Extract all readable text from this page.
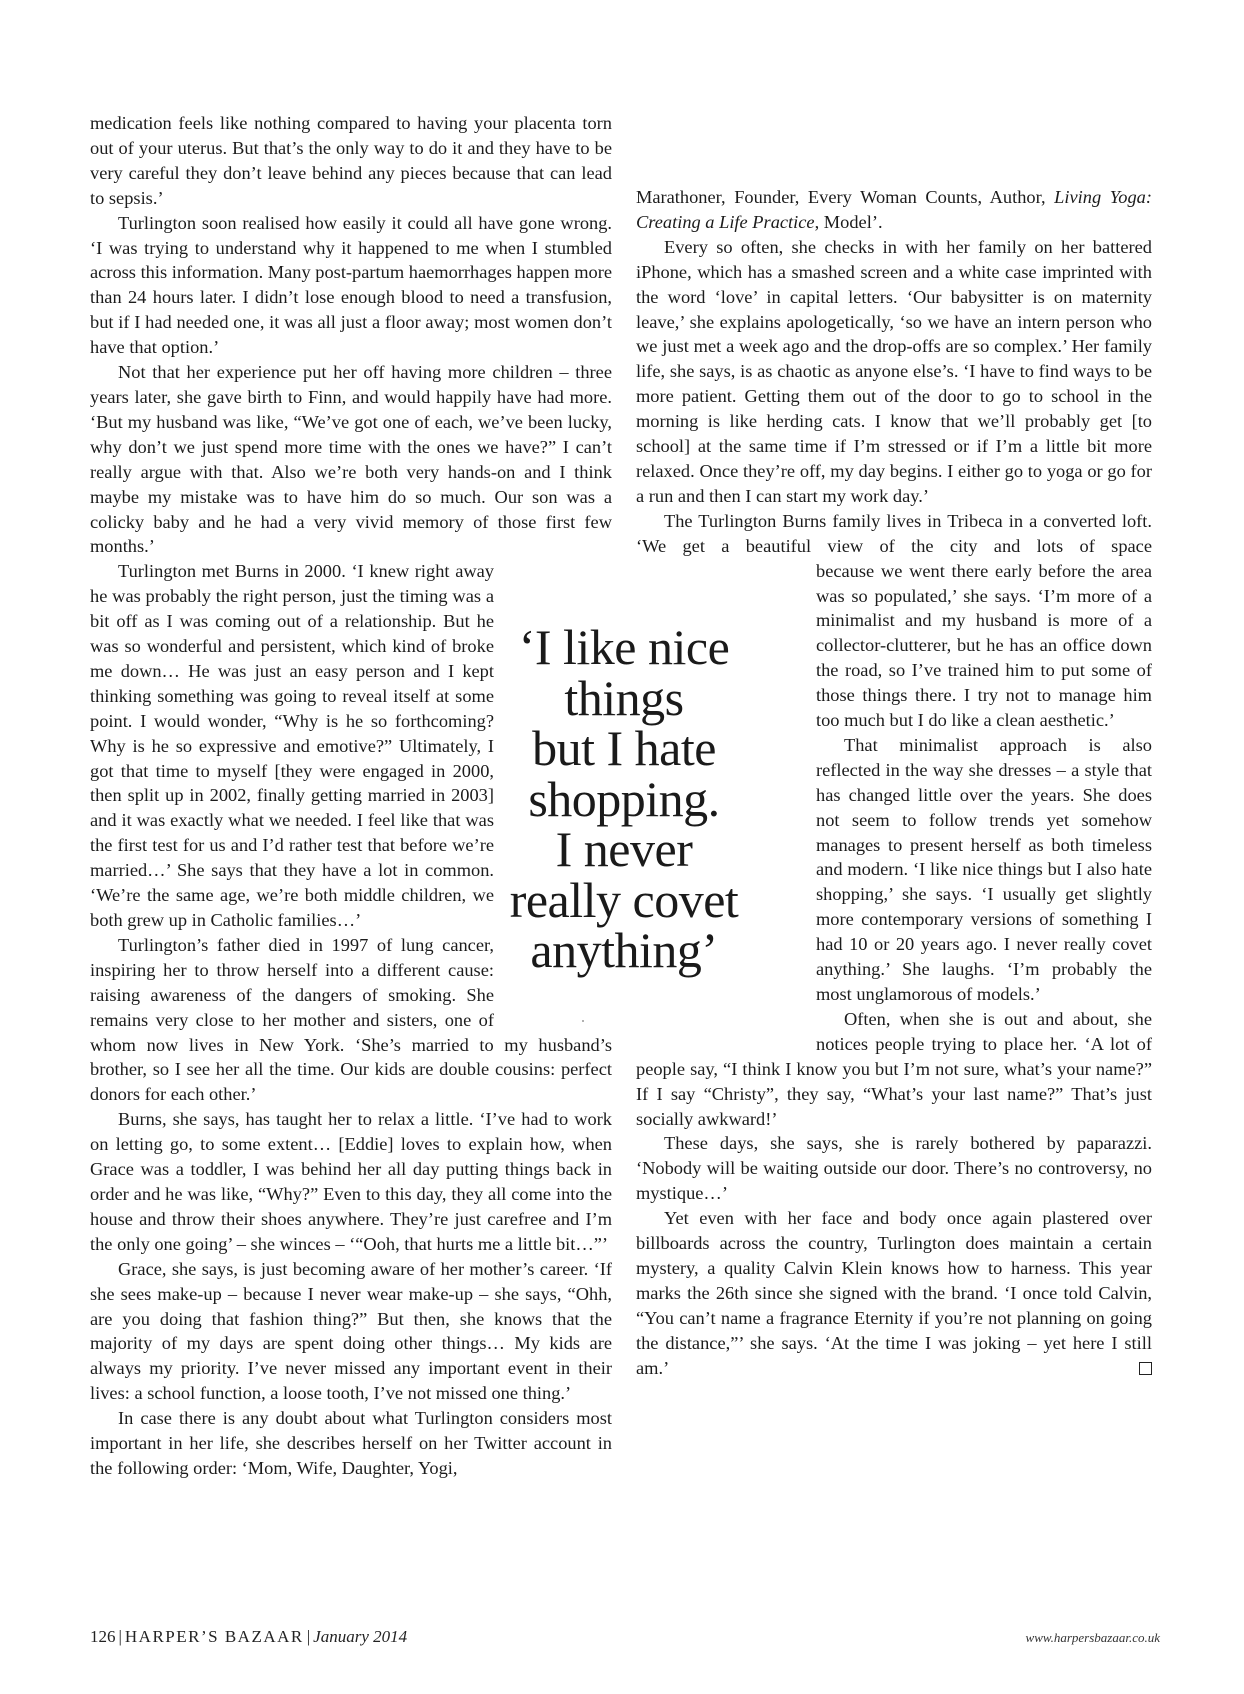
medication feels like nothing compared to having your placenta torn out of your uterus. But that’s the only way to do it and they have to be very careful they don’t leave behind any pieces because that can lead to sepsis.’

Turlington soon realised how easily it could all have gone wrong. ‘I was trying to understand why it happened to me when I stumbled across this information. Many post-partum haemorrhages happen more than 24 hours later. I didn’t lose enough blood to need a transfusion, but if I had needed one, it was all just a floor away; most women don’t have that option.’

Not that her experience put her off having more children – three years later, she gave birth to Finn, and would happily have had more. ‘But my husband was like, “We’ve got one of each, we’ve been lucky, why don’t we just spend more time with the ones we have?” I can’t really argue with that. Also we’re both very hands-on and I think maybe my mistake was to have him do so much. Our son was a colicky baby and he had a very vivid memory of those first few months.’

Turlington met Burns in 2000. ‘I knew right away he was probably the right person, just the timing was a bit off as I was coming out of a relationship. But he was so wonderful and persistent, which kind of broke me down… He was just an easy person and I kept thinking something was going to reveal itself at some point. I would wonder, “Why is he so forthcoming? Why is he so expressive and emotive?” Ultimately, I got that time to myself [they were engaged in 2000, then split up in 2002, finally getting married in 2003] and it was exactly what we needed. I feel like that was the first test for us and I’d rather test that before we’re married…’ She says that they have a lot in common. ‘We’re the same age, we’re both middle children, we both grew up in Catholic families…’

Turlington’s father died in 1997 of lung cancer, inspiring her to throw herself into a different cause: raising awareness of the dangers of smoking. She remains very close to her mother and sisters, one of whom now lives in New York. ‘She’s married to my husband’s brother, so I see her all the time. Our kids are double cousins: perfect donors for each other.’

Burns, she says, has taught her to relax a little. ‘I’ve had to work on letting go, to some extent… [Eddie] loves to explain how, when Grace was a toddler, I was behind her all day putting things back in order and he was like, “Why?” Even to this day, they all come into the house and throw their shoes anywhere. They’re just carefree and I’m the only one going’ – she winces – ‘“Ooh, that hurts me a little bit…”’

Grace, she says, is just becoming aware of her mother’s career. ‘If she sees make-up – because I never wear make-up – she says, “Ohh, are you doing that fashion thing?” But then, she knows that the majority of my days are spent doing other things… My kids are always my priority. I’ve never missed any important event in their lives: a school function, a loose tooth, I’ve not missed one thing.’

In case there is any doubt about what Turlington considers most important in her life, she describes herself on her Twitter account in the following order: ‘Mom, Wife, Daughter, Yogi,

Marathoner, Founder, Every Woman Counts, Author, Living Yoga: Creating a Life Practice, Model’.

Every so often, she checks in with her family on her battered iPhone, which has a smashed screen and a white case imprinted with the word ‘love’ in capital letters. ‘Our babysitter is on maternity leave,’ she explains apologetically, ‘so we have an intern person who we just met a week ago and the drop-offs are so complex.’ Her family life, she says, is as chaotic as anyone else’s. ‘I have to find ways to be more patient. Getting them out of the door to go to school in the morning is like herding cats. I know that we’ll probably get [to school] at the same time if I’m stressed or if I’m a little bit more relaxed. Once they’re off, my day begins. I either go to yoga or go for a run and then I can start my work day.’

The Turlington Burns family lives in Tribeca in a converted loft. ‘We get a beautiful view of the city and lots of space

because we went there early before the area was so populated,’ she says. ‘I’m more of a minimalist and my husband is more of a collector-clutterer, but he has an office down the road, so I’ve trained him to put some of those things there. I try not to manage him too much but I do like a clean aesthetic.’

That minimalist approach is also reflected in the way she dresses – a style that has changed little over the years. She does not seem to follow trends yet somehow manages to present herself as both timeless and modern. ‘I like nice things but I also hate shopping,’ she says. ‘I usually get slightly more contemporary versions of something I had 10 or 20 years ago. I never really covet anything.’ She laughs. ‘I’m probably the most unglamorous of models.’

Often, when she is out and about, she notices people trying to place her. ‘A lot of people say, “I think I know you but I’m not sure, what’s your name?” If I say “Christy”, they say, “What’s your last name?” That’s just socially awkward!’

These days, she says, she is rarely bothered by paparazzi. ‘Nobody will be waiting outside our door. There’s no controversy, no mystique…’

Yet even with her face and body once again plastered over billboards across the country, Turlington does maintain a certain mystery, a quality Calvin Klein knows how to harness. This year marks the 26th since she signed with the brand. ‘I once told Calvin, “You can’t name a fragrance Eternity if you’re not planning on going the distance,”’ she says. ‘At the time I was joking – yet here I still am.’

‘I like nice
things
but I hate
shopping.
I never
really covet
anything’
126 | HARPER’S BAZAAR | January 2014	www.harpersbazaar.co.uk
